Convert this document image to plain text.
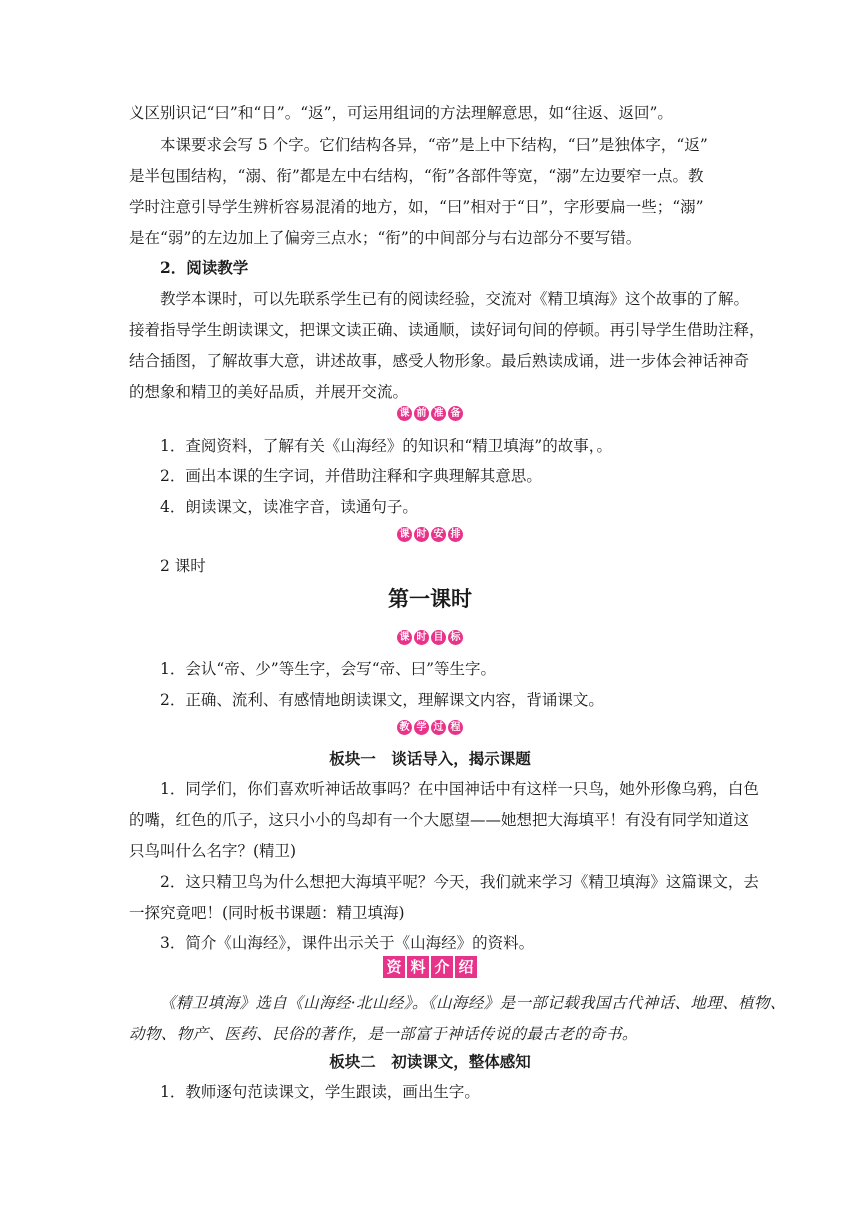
义区别识记“曰”和“日”。“返”，可运用组词的方法理解意思，如“往返、返回”。
本课要求会写 5 个字。它们结构各异，“帝”是上中下结构，“曰”是独体字，“返”
是半包围结构，“溺、衔”都是左中右结构，“衔”各部件等宽，“溺”左边要窄一点。教
学时注意引导学生辨析容易混淆的地方，如，“曰”相对于“日”，字形要扁一些；“溺”
是在“弱”的左边加上了偏旁三点水；“衔”的中间部分与右边部分不要写错。
2．阅读教学
教学本课时，可以先联系学生已有的阅读经验，交流对《精卫填海》这个故事的了解。
接着指导学生朗读课文，把课文读正确、读通顺，读好词句间的停顿。再引导学生借助注释，
结合插图，了解故事大意，讲述故事，感受人物形象。最后熟读成诵，进一步体会神话神奇
的想象和精卫的美好品质，并展开交流。
课 前 准 备
1．查阅资料，了解有关《山海经》的知识和“精卫填海”的故事，。
2．画出本课的生字词，并借助注释和字典理解其意思。
4．朗读课文，读准字音，读通句子。
课 时 安 排
2 课时
第一课时
课 时 目 标
1．会认“帝、少”等生字，会写“帝、曰”等生字。
2．正确、流利、有感情地朗读课文，理解课文内容，背诵课文。
教 学 过 程
板块一　谈话导入，揭示课题
1．同学们，你们喜欢听神话故事吗？在中国神话中有这样一只鸟，她外形像乌鸦，白色
的嘴，红色的爪子，这只小小的鸟却有一个大愿望——她想把大海填平！有没有同学知道这
只鸟叫什么名字？(精卫)
2．这只精卫鸟为什么想把大海填平呢？今天，我们就来学习《精卫填海》这篇课文，去
一探究竟吧！(同时板书课题：精卫填海)
3．简介《山海经》，课件出示关于《山海经》的资料。
资 料 介 绍
《精卫填海》选自《山海经·北山经》。《山海经》是一部记载我国古代神话、地理、植物、
动物、物产、医药、民俗的著作，是一部富于神话传说的最古老的奇书。
板块二　初读课文，整体感知
1．教师逐句范读课文，学生跟读，画出生字。
